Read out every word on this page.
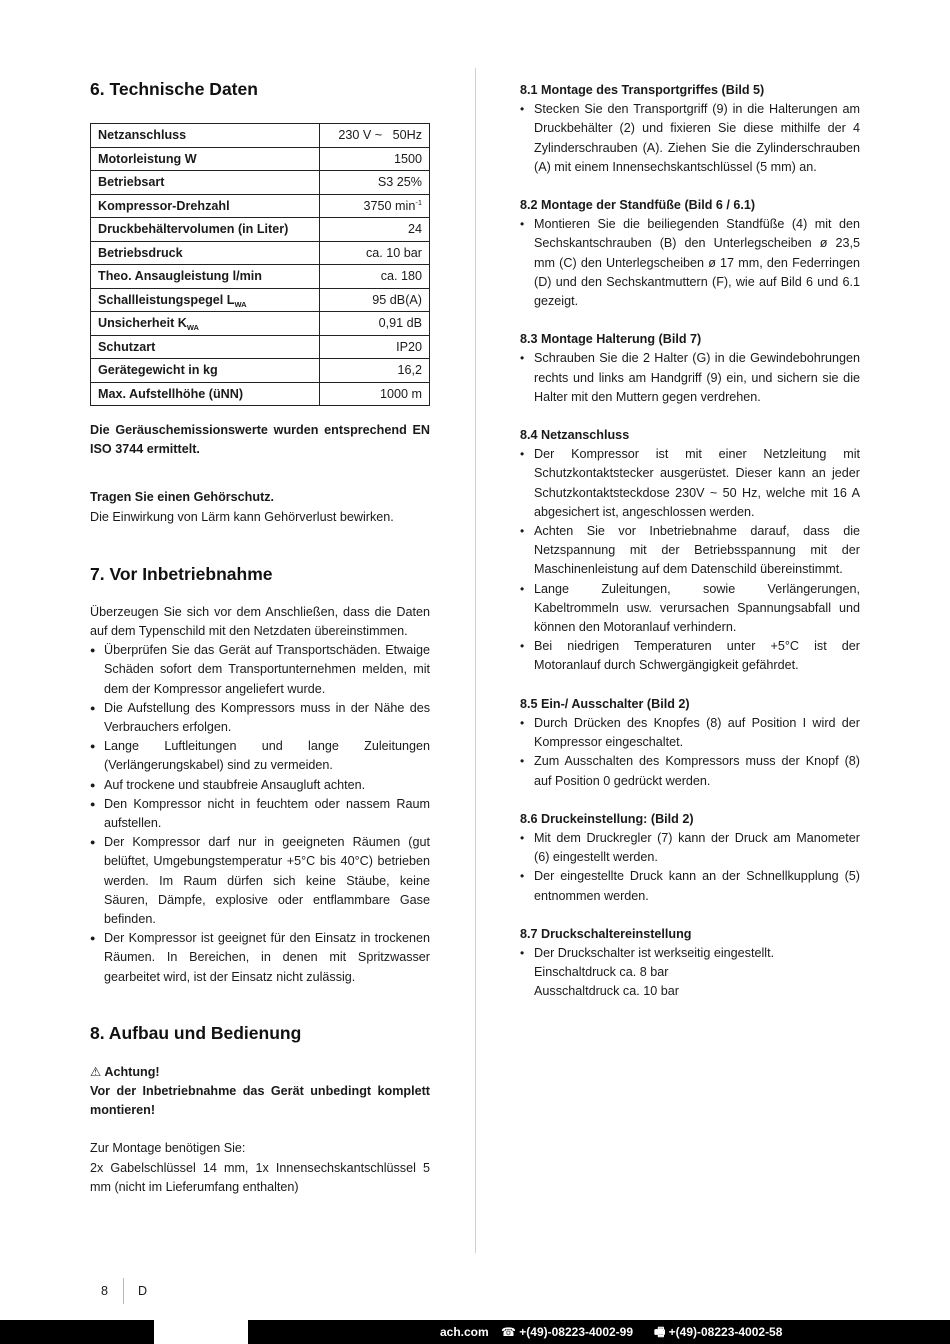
6. Technische Daten
Netzanschluss	230 V ~   50Hz
Motorleistung W	1500
Betriebsart	S3 25%
Kompressor-Drehzahl	3750 $\min^{-1}$
Druckbehältervolumen (in Liter)	24
Betriebsdruck	ca. 10 bar
Theo. Ansaugleistung l/min	ca. 180
Schallleistungspegel $L_{WA}$	95 dB(A)
Unsicherheit $K_{WA}$	0,91 dB
Schutzart	IP20
Gerätegewicht in kg	16,2
Max. Aufstellhöhe (üNN)	1000 m

Die Geräuschemissionswerte wurden entsprechend EN ISO 3744 ermittelt.

Tragen Sie einen Gehörschutz.

Die Einwirkung von Lärm kann Gehörverlust bewirken.

7. Vor Inbetriebnahme

Überzeugen Sie sich vor dem Anschließen, dass die Daten auf dem Typenschild mit den Netzdaten übereinstimmen.

● Überprüfen Sie das Gerät auf Transportschäden. Etwaige Schäden sofort dem Transportunternehmen melden, mit dem der Kompressor angeliefert wurde.
● Die Aufstellung des Kompressors muss in der Nähe des Verbrauchers erfolgen.
● Lange Luftleitungen und lange Zuleitungen (Verlängerungskabel) sind zu vermeiden.
● Auf trockene und staubfreie Ansaugluft achten.
● Den Kompressor nicht in feuchtem oder nassem Raum aufstellen.
● Der Kompressor darf nur in geeigneten Räumen (gut belüftet, Umgebungstemperatur +5°C bis 40°C) betrieben werden. Im Raum dürfen sich keine Stäube, keine Säuren, Dämpfe, explosive oder entflammbare Gase befinden.
● Der Kompressor ist geeignet für den Einsatz in trockenen Räumen. In Bereichen, in denen mit Spritzwasser gearbeitet wird, ist der Einsatz nicht zulässig.
8. Aufbau und Bedienung

⚠ Achtung!

Vor der Inbetriebnahme das Gerät unbedingt komplett montieren!

Zur Montage benötigen Sie:

2x Gabelschlüssel 14 mm, 1x Innensechskantschlüssel 5 mm (nicht im Lieferumfang enthalten)

8.1 Montage des Transportgriffes (Bild 5)
• Stecken Sie den Transportgriff (9) in die Halterungen am Druckbehälter (2) und fixieren Sie diese mithilfe der 4 Zylinderschrauben (A). Ziehen Sie die Zylinderschrauben (A) mit einem Innensechskantschlüssel (5 mm) an.
8.2 Montage der Standfüße (Bild 6 / 6.1)
• Montieren Sie die beiliegenden Standfüße (4) mit den Sechskantschrauben (B) den Unterlegscheiben ø 23,5 mm (C) den Unterlegscheiben ø 17 mm, den Federringen (D) und den Sechskantmuttern (F), wie auf Bild 6 und 6.1 gezeigt.
8.3 Montage Halterung (Bild 7)
• Schrauben Sie die 2 Halter (G) in die Gewindebohrungen rechts und links am Handgriff (9) ein, und sichern sie die Halter mit den Muttern gegen verdrehen.
8.4 Netzanschluss
• Der Kompressor ist mit einer Netzleitung mit Schutzkontaktstecker ausgerüstet. Dieser kann an jeder Schutzkontaktsteckdose 230V ~ 50 Hz, welche mit 16 A abgesichert ist, angeschlossen werden.
• Achten Sie vor Inbetriebnahme darauf, dass die Netzspannung mit der Betriebsspannung mit der Maschinenleistung auf dem Datenschild übereinstimmt.
• Lange Zuleitungen, sowie Verlängerungen, Kabeltrommeln usw. verursachen Spannungsabfall und können den Motoranlauf verhindern.
• Bei niedrigen Temperaturen unter +5°C ist der Motoranlauf durch Schwergängigkeit gefährdet.
8.5 Ein-/ Ausschalter (Bild 2)
• Durch Drücken des Knopfes (8) auf Position I wird der Kompressor eingeschaltet.
• Zum Ausschalten des Kompressors muss der Knopf (8) auf Position 0 gedrückt werden.
8.6 Druckeinstellung: (Bild 2)
• Mit dem Druckregler (7) kann der Druck am Manometer (6) eingestellt werden.
• Der eingestellte Druck kann an der Schnellkupplung (5) entnommen werden.
8.7 Druckschaltereinstellung
• Der Druckschalter ist werkseitig eingestellt.
Einschaltdruck ca. 8 bar
Ausschaltdruck ca. 10 bar
8 D
ach.com ☎ +(49)-08223-4002-99 🖷 +(49)-08223-4002-58
